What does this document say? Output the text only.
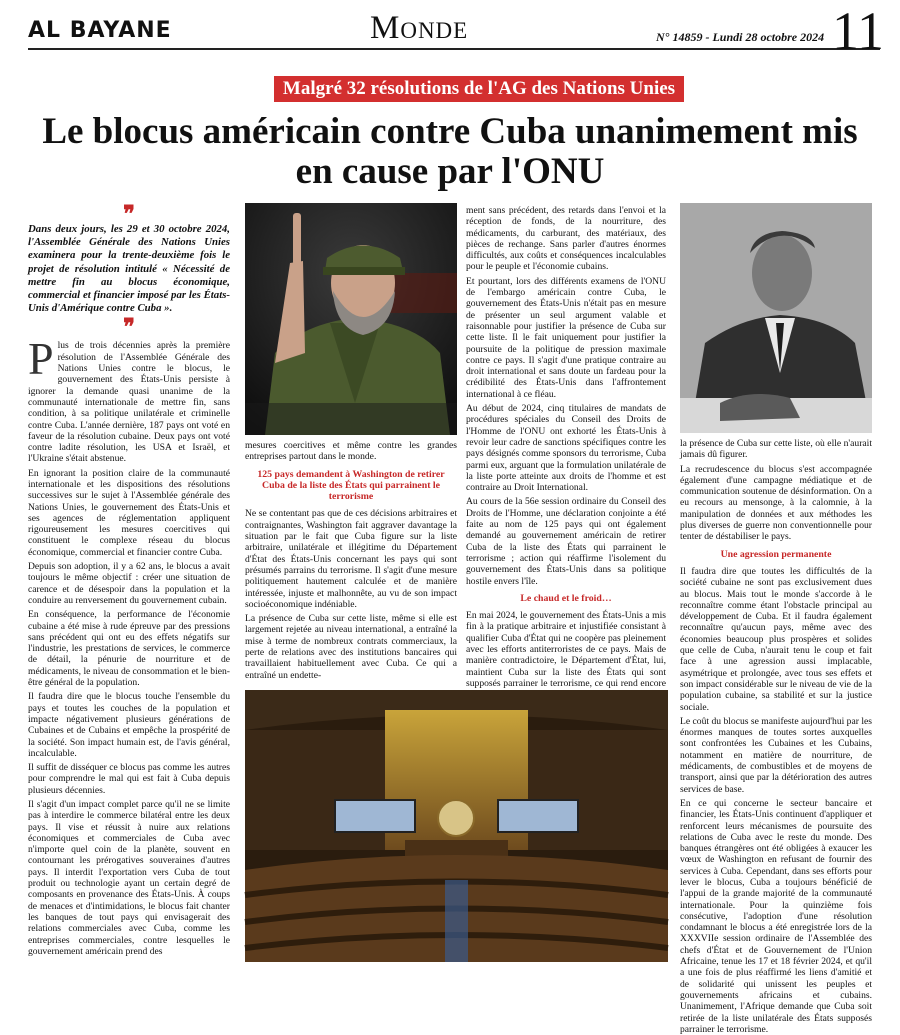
AL BAYANE	Monde	N° 14859 - Lundi 28 octobre 2024 11
Malgré 32 résolutions de l'AG des Nations Unies
Le blocus américain contre Cuba unanimement mis en cause par l'ONU
❞

Dans deux jours, les 29 et 30 octobre 2024, l'Assemblée Générale des Nations Unies examinera pour la trente-deuxième fois le projet de résolution intitulé « Nécessité de mettre fin au blocus économique, commercial et financier imposé par les États-Unis d'Amérique contre Cuba ».

❞

Plus de trois décennies après la première résolution de l'Assemblée Générale des Nations Unies contre le blocus, le gouvernement des États-Unis persiste à ignorer la demande quasi unanime de la communauté internationale de mettre fin, sans condition, à sa politique unilatérale et criminelle contre Cuba. L'année dernière, 187 pays ont voté en faveur de la résolution cubaine. Deux pays ont voté contre ladite résolution, les USA et Israël, et l'Ukraine s'était abstenue.

En ignorant la position claire de la communauté internationale et les dispositions des résolutions successives sur le sujet à l'Assemblée générale des Nations Unies, le gouvernement des États-Unis et ses agences de réglementation appliquent rigoureusement les mesures coercitives qui constituent le complexe réseau du blocus économique, commercial et financier contre Cuba.

Depuis son adoption, il y a 62 ans, le blocus a avait toujours le même objectif : créer une situation de carence et de désespoir dans la population et la conduire au renversement du gouvernement cubain.

En conséquence, la performance de l'économie cubaine a été mise à rude épreuve par des pressions sans précédent qui ont eu des effets négatifs sur l'industrie, les prestations de services, le commerce de détail, la pénurie de nourriture et de médicaments, le niveau de consommation et le bien-être général de la population.

Il faudra dire que le blocus touche l'ensemble du pays et toutes les couches de la population et impacte négativement plusieurs générations de Cubaines et de Cubains et empêche la prospérité de la société. Son impact humain est, de l'avis général, incalculable.

Il suffit de disséquer ce blocus pas comme les autres pour comprendre le mal qui est fait à Cuba depuis plusieurs décennies.

Il s'agit d'un impact complet parce qu'il ne se limite pas à interdire le commerce bilatéral entre les deux pays. Il vise et réussit à nuire aux relations économiques et commerciales de Cuba avec n'importe quel coin de la planète, souvent en contournant les prérogatives souveraines d'autres pays. Il interdit l'exportation vers Cuba de tout produit ou technologie ayant un certain degré de composants en provenance des États-Unis. À coups de menaces et d'intimidations, le blocus fait chanter les banques de tout pays qui envisagerait des relations commerciales avec Cuba, comme les entreprises commerciales, contre lesquelles le gouvernement américain prend des

mesures coercitives et même contre les grandes entreprises partout dans le monde.

125 pays demandent à Washington de retirer Cuba de la liste des États qui parrainent le terrorisme

Ne se contentant pas que de ces décisions arbitraires et contraignantes, Washington fait aggraver davantage la situation par le fait que Cuba figure sur la liste arbitraire, unilatérale et illégitime du Département d'État des États-Unis concernant les pays qui sont présumés parrains du terrorisme. Il s'agit d'une mesure politiquement hautement calculée et de manière intéressée, injuste et malhonnête, au vu de son impact socioéconomique indéniable.

La présence de Cuba sur cette liste, même si elle est largement rejetée au niveau international, a entraîné la mise à terme de nombreux contrats commerciaux, la perte de relations avec des institutions bancaires qui travaillaient habituellement avec Cuba. Ce qui a entraîné un endette-

ment sans précédent, des retards dans l'envoi et la réception de fonds, de la nourriture, des médicaments, du carburant, des matériaux, des pièces de rechange. Sans parler d'autres énormes difficultés, aux coûts et conséquences incalculables pour le peuple et l'économie cubains.

Et pourtant, lors des différents examens de l'ONU de l'embargo américain contre Cuba, le gouvernement des États-Unis n'était pas en mesure de présenter un seul argument valable et raisonnable pour justifier la présence de Cuba sur cette liste. Il le fait uniquement pour justifier la poursuite de la politique de pression maximale contre ce pays. Il s'agit d'une pratique contraire au droit international et sans doute un fardeau pour la crédibilité des États-Unis dans l'affrontement international à ce fléau.

Au début de 2024, cinq titulaires de mandats de procédures spéciales du Conseil des Droits de l'Homme de l'ONU ont exhorté les États-Unis à revoir leur cadre de sanctions spécifiques contre les pays désignés comme sponsors du terrorisme, Cuba parmi eux, arguant que la formulation unilatérale de la liste porte atteinte aux droits de l'homme et est contraire au Droit International.

Au cours de la 56e session ordinaire du Conseil des Droits de l'Homme, une déclaration conjointe a été faite au nom de 125 pays qui ont également demandé au gouvernement américain de retirer Cuba de la liste des États qui parrainent le terrorisme ; action qui réaffirme l'isolement du gouvernement des États-Unis dans sa politique hostile envers l'île.

Le chaud et le froid…

En mai 2024, le gouvernement des États-Unis a mis fin à la pratique arbitraire et injustifiée consistant à qualifier Cuba d'État qui ne coopère pas pleinement avec les efforts antiterroristes de ce pays. Mais de manière contradictoire, le Département d'État, lui, maintient Cuba sur la liste des États qui sont supposés parrainer le terrorisme, ce qui rend encore

la présence de Cuba sur cette liste, où elle n'aurait jamais dû figurer.

La recrudescence du blocus s'est accompagnée également d'une campagne médiatique et de communication soutenue de désinformation. On a eu recours au mensonge, à la calomnie, à la manipulation de données et aux méthodes les plus diverses de guerre non conventionnelle pour tenter de déstabiliser le pays.

Une agression permanente

Il faudra dire que toutes les difficultés de la société cubaine ne sont pas exclusivement dues au blocus. Mais tout le monde s'accorde à le reconnaître comme étant l'obstacle principal au développement de Cuba. Et il faudra également reconnaître qu'aucun pays, même avec des économies beaucoup plus prospères et solides que celle de Cuba, n'aurait tenu le coup et fait face à une agression aussi implacable, asymétrique et prolongée, avec tous ses effets et son impact considérable sur le niveau de vie de la population cubaine, sa stabilité et sur la justice sociale.

Le coût du blocus se manifeste aujourd'hui par les énormes manques de toutes sortes auxquelles sont confrontées les Cubaines et les Cubains, notamment en matière de nourriture, de médicaments, de combustibles et de moyens de transport, ainsi que par la détérioration des autres services de base.

En ce qui concerne le secteur bancaire et financier, les États-Unis continuent d'appliquer et renforcent leurs mécanismes de poursuite des relations de Cuba avec le reste du monde. Des banques étrangères ont été obligées à exaucer les vœux de Washington en refusant de fournir des services à Cuba. Cependant, dans ses efforts pour lever le blocus, Cuba a toujours bénéficié de l'appui de la grande majorité de la communauté internationale. Pour la quinzième fois consécutive, l'adoption d'une résolution condamnant le blocus a été enregistrée lors de la XXXVIIe session ordinaire de l'Assemblée des chefs d'État et de Gouvernement de l'Union Africaine, tenue les 17 et 18 février 2024, et qu'il a une fois de plus réaffirmé les liens d'amitié et de solidarité qui unissent les peuples et gouvernements africains et cubains. Unanimement, l'Afrique demande que Cuba soit retirée de la liste unilatérale des États supposés parrainer le terrorisme.
